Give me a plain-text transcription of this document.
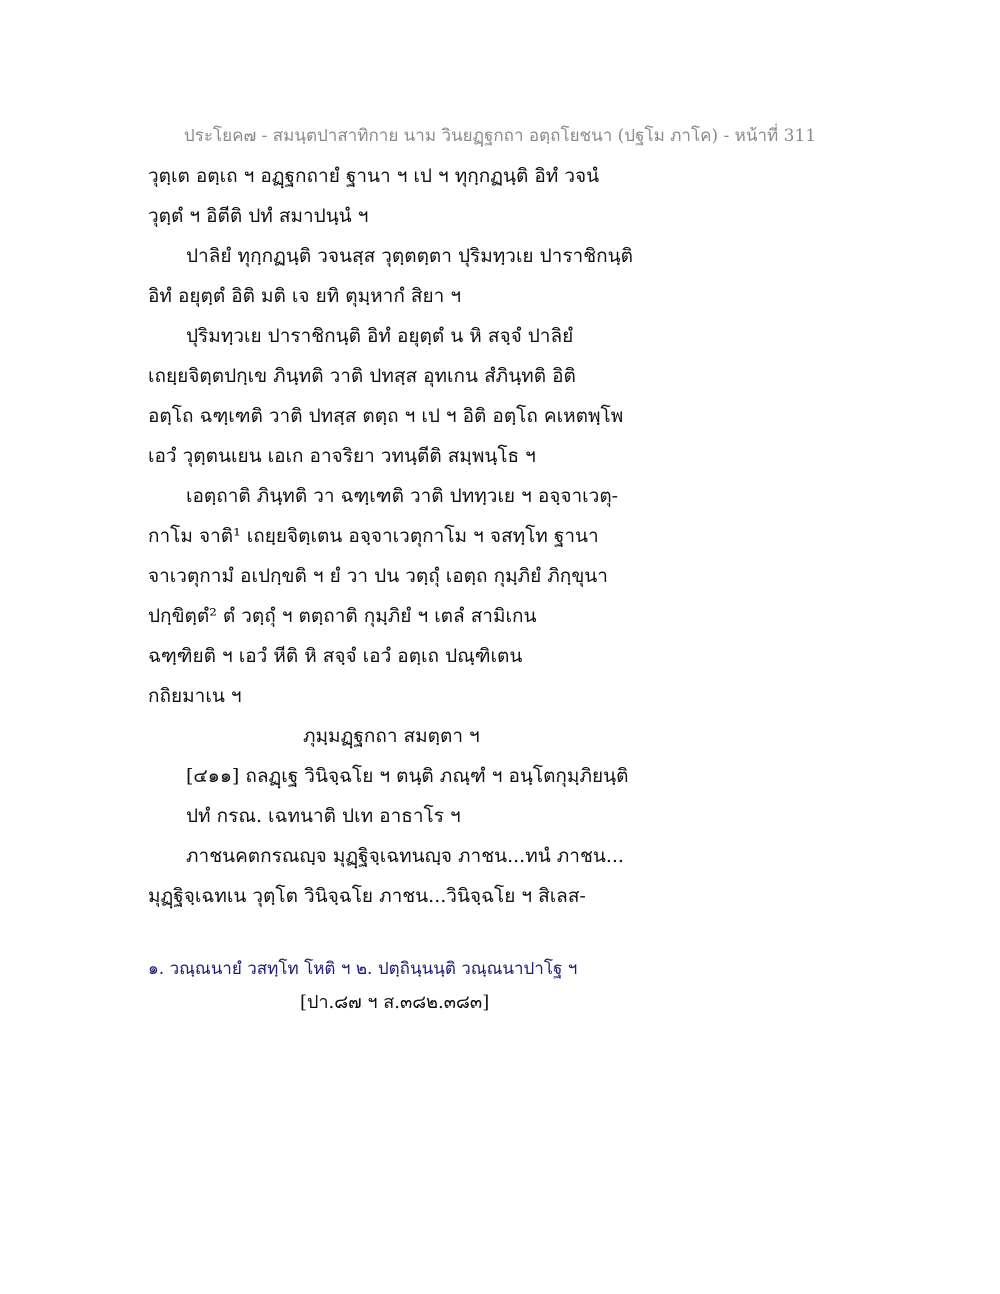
ประโยค๗ - สมนฺตปาสาทิกาย นาม วินยฏฺฐกถา อตฺถโยชนา (ปฐโม ภาโค) - หน้าที่ 311
วุตฺเต อตฺเถ ฯ อฏฺฐกถายํ ฐานา ฯ เป ฯ ทุกฺกฏนฺติ อิทํ วจนํ
วุตฺตํ ฯ อิตีติ ปทํ สมาปนฺนํ ฯ
ปาลิยํ ทุกฺกฏนฺติ วจนสฺส วุตฺตตฺตา ปุริมทฺวเย ปาราชิกนฺติ
อิทํ อยุตฺตํ อิติ มติ เจ ยทิ ตุมฺหากํ สิยา ฯ
ปุริมทฺวเย ปาราชิกนฺติ อิทํ อยุตฺตํ น หิ สจฺจํ ปาลิยํ
เถยฺยจิตฺตปกฺเข ภินฺทติ วาติ ปทสฺส อุทเกน สํภินฺทติ อิติ
อตฺโถ ฉฑฺเฑติ วาติ ปทสฺส ตตฺถ ฯ เป ฯ อิติ อตฺโถ คเหตพฺโพ
เอวํ วุตฺตนเยน เอเก อาจริยา วทนฺตีติ สมฺพนฺโธ ฯ
เอตฺถาติ ภินฺทติ วา ฉฑฺเฑติ วาติ ปททฺวเย ฯ อจฺจาเวตุ-
กาโม จาติ¹ เถยฺยจิตฺเตน อจฺจาเวตุกาโม ฯ จสทฺโท ฐานา
จาเวตุกามํ อเปกฺขติ ฯ ยํ วา ปน วตฺถุํ เอตฺถ กุมฺภิยํ ภิกฺขุนา
ปกฺขิตฺตํ² ตํ วตฺถุํ ฯ ตตฺถาติ กุมฺภิยํ ฯ เตลํ สามิเกน
ฉฑฺฑิยติ ฯ เอวํ หีติ หิ สจฺจํ เอวํ อตฺเถ ปณฺฑิเตน
กถิยมาเน ฯ
ภุมฺมฏฺฐกถา สมตฺตา ฯ
[๔๑๑] ถลฏฺเฐ วินิจฺฉโย ฯ ตนฺติ ภณฺฑํ ฯ อนฺโตกุมฺภิยนฺติ
ปทํ กรณ. เฉทนาติ ปเท อาธาโร ฯ
ภาชนคตกรณญฺจ มุฏฺฐิจฺเฉทนญฺจ ภาชน...ทนํ ภาชน...
มุฏฺฐิจฺเฉทเน วุตฺโต วินิจฺฉโย ภาชน...วินิจฺฉโย ฯ สิเลส-
๑. วณฺณนายํ วสทฺโท โหติ ฯ ๒. ปตฺถินฺนนฺติ วณฺณนาปาโฐ ฯ
[ปา.๘๗ ฯ ส.๓๘๒.๓๘๓]
